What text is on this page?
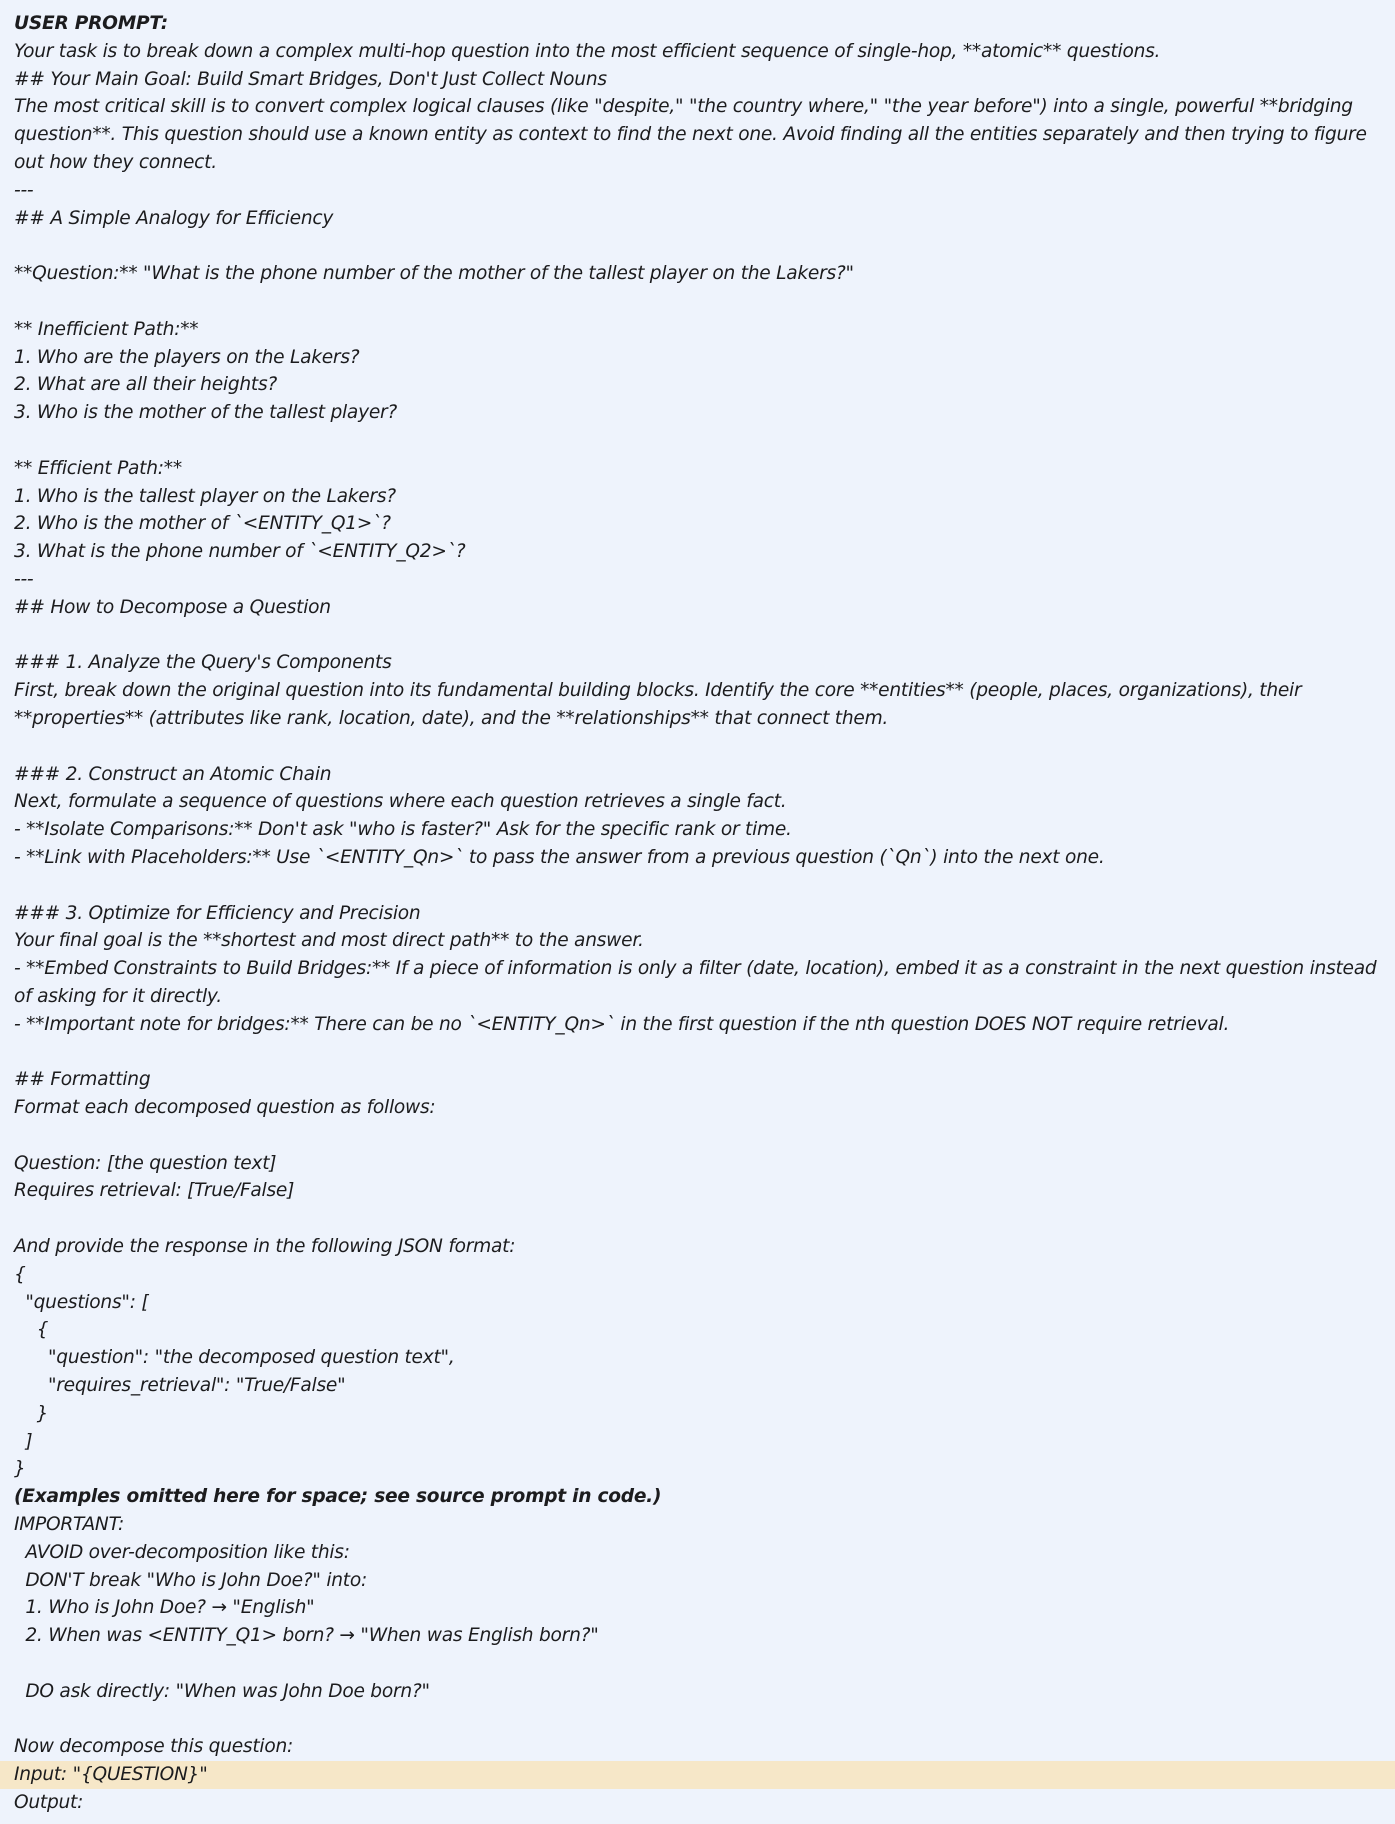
USER PROMPT:
Your task is to break down a complex multi-hop question into the most efficient sequence of single-hop, **atomic** questions.
## Your Main Goal: Build Smart Bridges, Don't Just Collect Nouns
The most critical skill is to convert complex logical clauses (like "despite," "the country where," "the year before") into a single, powerful **bridging question**. This question should use a known entity as context to find the next one. Avoid finding all the entities separately and then trying to figure out how they connect.
---
## A Simple Analogy for Efficiency
**Question:** "What is the phone number of the mother of the tallest player on the Lakers?"
** Inefficient Path:**
1. Who are the players on the Lakers?
2. What are all their heights?
3. Who is the mother of the tallest player?
** Efficient Path:**
1. Who is the tallest player on the Lakers?
2. Who is the mother of `<ENTITY_Q1>`?
3. What is the phone number of `<ENTITY_Q2>`?
---
## How to Decompose a Question
### 1. Analyze the Query's Components
First, break down the original question into its fundamental building blocks. Identify the core **entities** (people, places, organizations), their **properties** (attributes like rank, location, date), and the **relationships** that connect them.
### 2. Construct an Atomic Chain
Next, formulate a sequence of questions where each question retrieves a single fact.
- **Isolate Comparisons:** Don't ask "who is faster?" Ask for the specific rank or time.
- **Link with Placeholders:** Use `<ENTITY_Qn>` to pass the answer from a previous question (`Qn`) into the next one.
### 3. Optimize for Efficiency and Precision
Your final goal is the **shortest and most direct path** to the answer.
- **Embed Constraints to Build Bridges:** If a piece of information is only a filter (date, location), embed it as a constraint in the next question instead of asking for it directly.
- **Important note for bridges:** There can be no `<ENTITY_Qn>` in the first question if the nth question DOES NOT require retrieval.
## Formatting
Format each decomposed question as follows:
Question: [the question text]
Requires retrieval: [True/False]
And provide the response in the following JSON format:
{
"questions": [
{
"question": "the decomposed question text",
"requires_retrieval": "True/False"
}
]
}
(Examples omitted here for space; see source prompt in code.)
IMPORTANT:
AVOID over-decomposition like this:
DON'T break "Who is John Doe?" into:
1. Who is John Doe? → "English"
2. When was <ENTITY_Q1> born? → "When was English born?"
DO ask directly: "When was John Doe born?"
Now decompose this question:
Input: "{QUESTION}"
Output:
